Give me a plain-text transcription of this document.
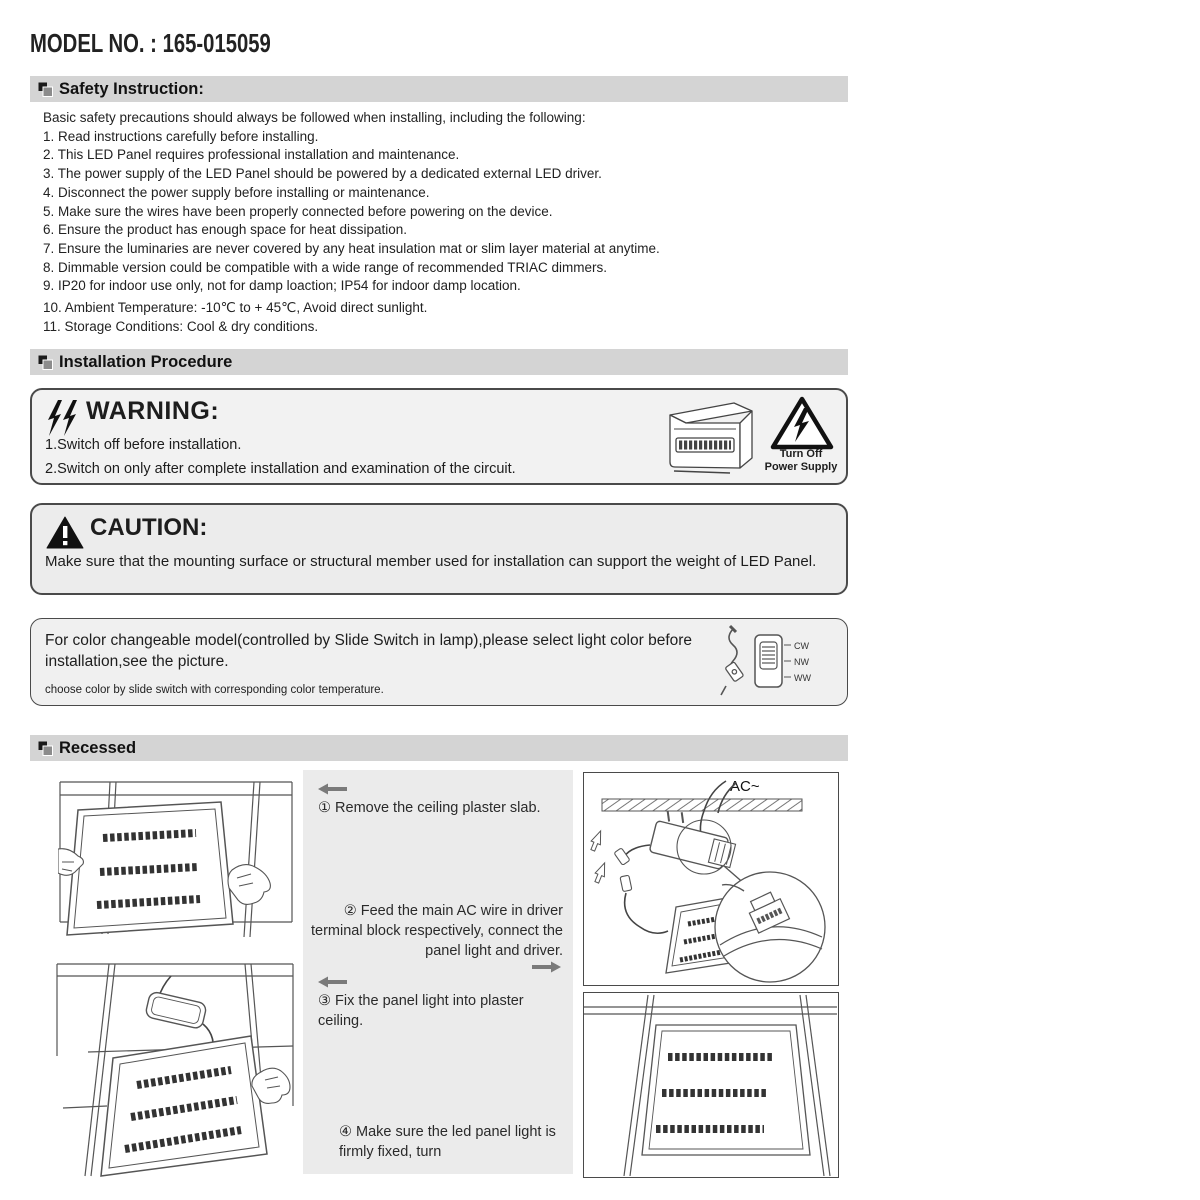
MODEL NO. : 165-015059
Safety Instruction:
Basic safety precautions should always be followed when installing, including the following:
1. Read instructions carefully before installing.
2. This LED Panel requires professional installation and maintenance.
3. The power supply of the LED Panel should be powered by a dedicated external LED driver.
4. Disconnect the power supply before installing or maintenance.
5. Make sure the wires have been properly connected before powering on the device.
6. Ensure the product has enough space for heat dissipation.
7. Ensure the luminaries are never covered by any heat insulation mat or slim layer material at anytime.
8. Dimmable version could be compatible with a wide range of recommended TRIAC dimmers.
9. IP20 for indoor use only, not for damp loaction; IP54 for indoor damp location.
10. Ambient Temperature: -10℃ to + 45℃, Avoid direct sunlight.
11. Storage Conditions: Cool & dry conditions.
Installation Procedure
WARNING:
1.Switch off before installation.
2.Switch on only after complete installation and examination of the circuit.
Turn Off
Power Supply
CAUTION:
Make sure that the mounting surface or structural member used for installation can support the weight of LED Panel.
For color changeable model(controlled by Slide Switch in lamp),please select light color before installation,see the picture.
choose color by slide switch with corresponding color temperature.
CW
NW
WW
Recessed
① Remove the ceiling plaster slab.
② Feed the main AC wire in driver terminal block respectively, connect the panel light and driver.
③ Fix the panel light into plaster ceiling.
④ Make sure the led panel light is firmly fixed, turn
AC~
